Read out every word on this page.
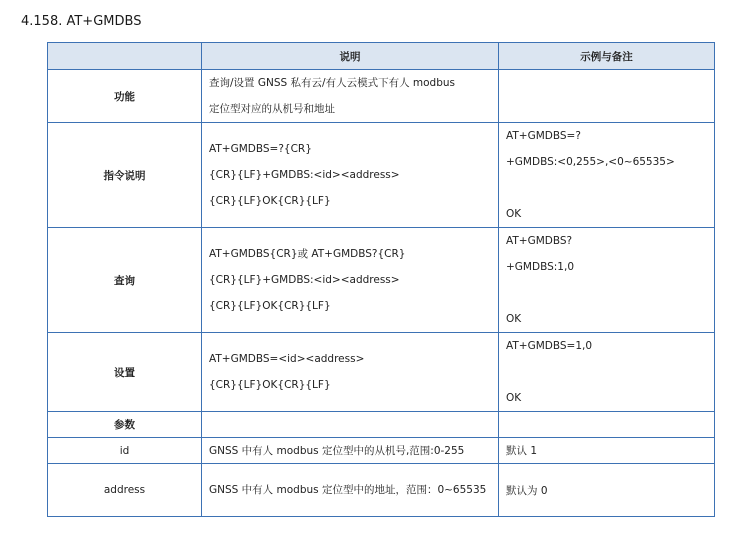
4.158. AT+GMDBS
	说明	示例与备注
功能	查询/设置 GNSS 私有云/有人云模式下有人 modbus
定位型对应的从机号和地址	

指令说明	AT+GMDBS=?{CR}
{CR}{LF}+GMDBS:<id><address>
{CR}{LF}OK{CR}{LF}	AT+GMDBS=?
+GMDBS:<0,255>,<0~65535>

OK

查询	AT+GMDBS{CR}或 AT+GMDBS?{CR}
{CR}{LF}+GMDBS:<id><address>
{CR}{LF}OK{CR}{LF}	AT+GMDBS?
+GMDBS:1,0

OK

设置	AT+GMDBS=<id><address>
{CR}{LF}OK{CR}{LF}	AT+GMDBS=1,0

OK

参数		
id	GNSS 中有人 modbus 定位型中的从机号,范围:0-255	默认 1
address	GNSS 中有人 modbus 定位型中的地址，范围：0~65535	默认为 0
